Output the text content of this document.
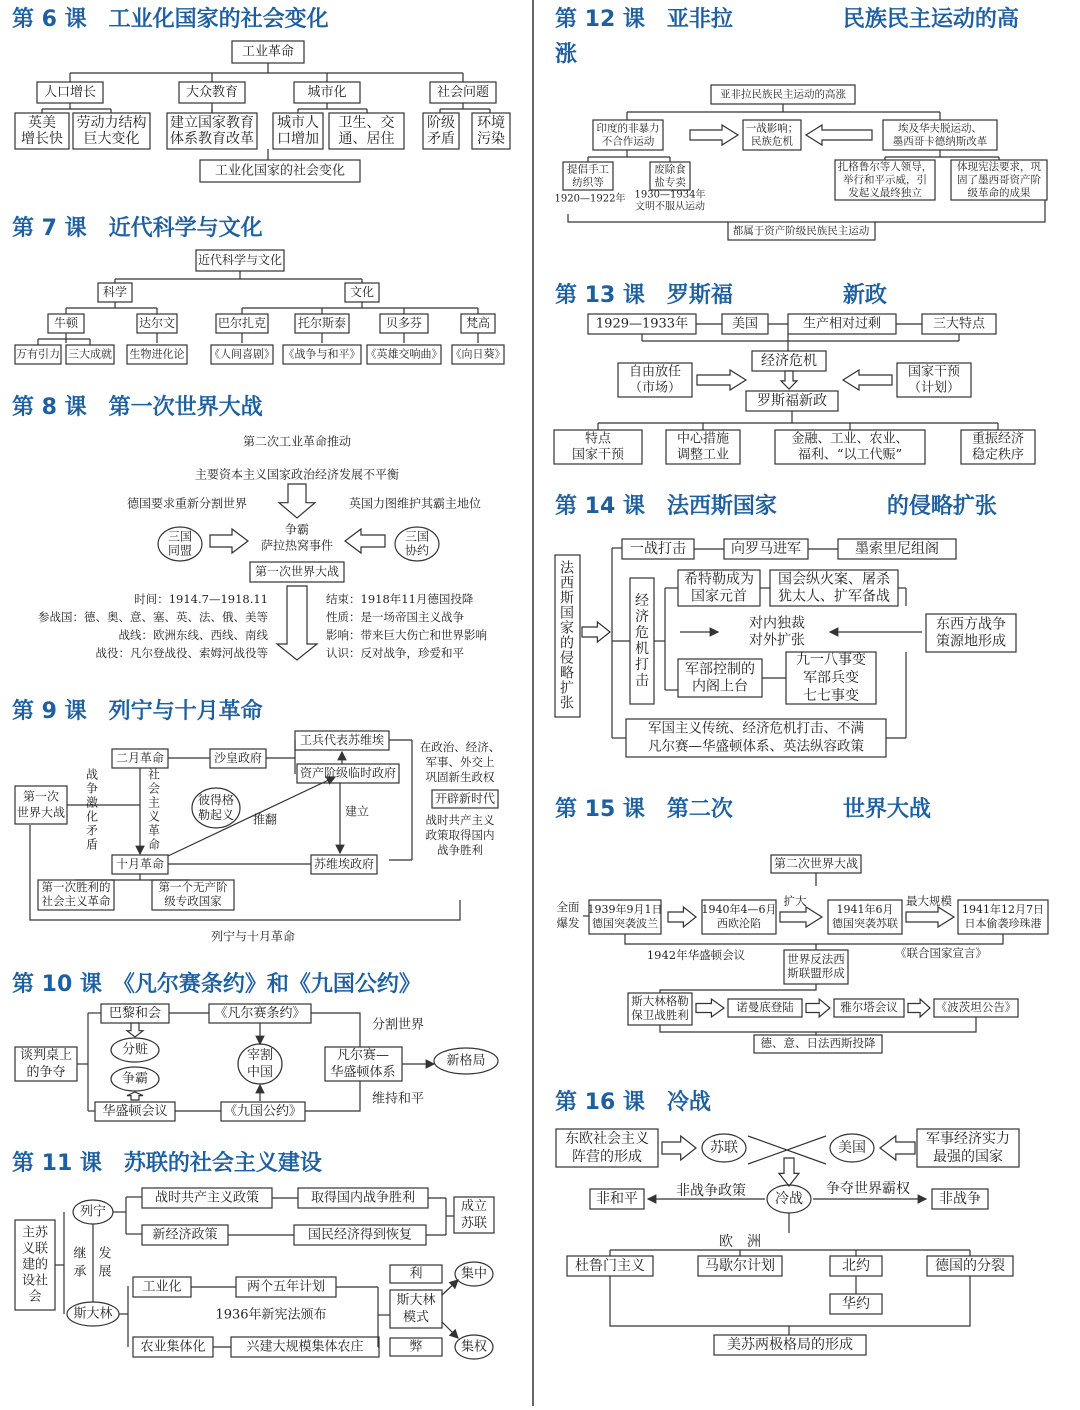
第 6 课　工业化国家的社会变化
工业革命
人口增长	大众教育	城市化	社会问题
英美
增长快
劳动力结构
巨大变化
建立国家教育
体系教育改革
城市人
口增加
卫生、交
通、居住
阶级
矛盾
环境
污染
工业化国家的社会变化
第 7 课　近代科学与文化
近代科学与文化
科学	文化
牛顿	达尔文	巴尔扎克	托尔斯泰	贝多芬	梵高
万有引力 三大成就 生物进化论 《人间喜剧》 《战争与和平》 《英雄交响曲》 《向日葵》
第 8 课　第一次世界大战
第二次工业革命推动
主要资本主义国家政治经济发展不平衡
德国要求重新分割世界	英国力图维护其霸主地位
三国
同盟
三国
协约
争霸
萨拉热窝事件
第一次世界大战
时间：1914.7—1918.11
参战国：德、奥、意、塞、英、法、俄、美等
战线：欧洲东线、西线、南线
战役：凡尔登战役、索姆河战役等
结束：1918年11月德国投降
性质：是一场帝国主义战争
影响：带来巨大伤亡和世界影响
认识：反对战争，珍爱和平
第 9 课　列宁与十月革命
第一次
世界大战
二月革命	沙皇政府
工兵代表苏维埃
资产阶级临时政府
在政治、经济、
军事、外交上
巩固新生政权
开辟新时代
战时共产主义
政策取得国内
战争胜利
战
争
激
化
矛
盾
社
会
主
义
革
命
彼得格
勒起义
十月革命
推翻
建立
苏维埃政府
第一次胜利的
社会主义革命
第一个无产阶
级专政国家
列宁与十月革命
第 10 课　《凡尔赛条约》和《九国公约》
谈判桌上
的争夺
巴黎和会	《凡尔赛条约》
分赃
争霸
宰割
中国
华盛顿会议	《九国公约》
分割世界
维持和平
凡尔赛—
华盛顿体系
新格局
第 11 课　苏联的社会主义建设
主苏
义联
建的
设社
会
列宁
斯大林
继
承
发
展
战时共产主义政策	取得国内战争胜利
新经济政策	国民经济得到恢复
成立
苏联
工业化	两个五年计划
1936年新宪法颁布
农业集体化	兴建大规模集体农庄
斯大林
模式
利
弊
集中
集权
第 12 课　亚非拉　　　　　民族民主运动的高
涨
亚非拉民族民主运动的高涨
印度的非暴力
不合作运动
一战影响；
民族危机
埃及华夫脱运动、
墨西哥卡德纳斯改革
提倡手工
纺织等
废除食
盐专卖
1920—1922年 1930—1934年
文明不服从运动
扎格鲁尔等人领导，
举行和平示威，引
发起义最终独立
体现宪法要求，巩
固了墨西哥资产阶
级革命的成果
都属于资产阶级民族民主运动
第 13 课　罗斯福　　　　　新政
1929—1933年	美国	生产相对过剩	三大特点
经济危机
自由放任
（市场）
国家干预
（计划）
罗斯福新政
特点
国家干预
中心措施
调整工业
金融、工业、农业、
福利、“以工代赈”
重振经济
稳定秩序
第 14 课　法西斯国家　　　　　的侵略扩张
法
西
斯
国
家
的
侵
略
扩
张
一战打击	向罗马进军	墨索里尼组阁
经
济
危
机
打
击
希特勒成为
国家元首
国会纵火案、屠杀
犹太人、扩军备战
对内独裁
对外扩张
东西方战争
策源地形成
军部控制的
内阁上台
九一八事变
军部兵变
七七事变
军国主义传统、经济危机打击、不满
凡尔赛—华盛顿体系、英法纵容政策
第 15 课　第二次　　　　　世界大战
第二次世界大战
全面
爆发
1939年9月1日
德国突袭波兰
1940年4—6月
西欧沦陷
扩大
1941年6月
德国突袭苏联
最大规模
1941年12月7日
日本偷袭珍珠港
1942年华盛顿会议	世界反法西
斯联盟形成
《联合国家宣言》
斯大林格勒
保卫战胜利
诺曼底登陆	雅尔塔会议	《波茨坦公告》
德、意、日法西斯投降
第 16 课　冷战
东欧社会主义
阵营的形成
苏联	美国
军事经济实力
最强的国家
冷战
非和平	非战争政策	争夺世界霸权
非战争
欧　洲
杜鲁门主义	马歇尔计划	北约	德国的分裂
华约
美苏两极格局的形成
